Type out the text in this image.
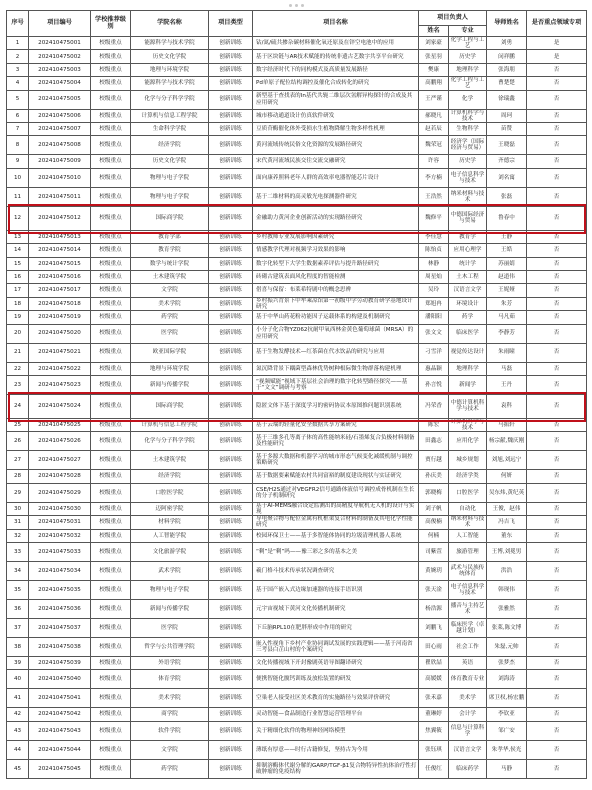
序号	项目编号	学校推荐级别	学院名称	项目类型	项目名称	项目负责人		导师姓名	是否重点领域专项
						姓名	专业		
1	202410475001	校级重点	能源科学与技术学院	创新训练	钴/氮/硫共掺杂碳材料催化氧还原及在锌空电池中的应用	刘家豪	化学工程与工艺	刘勇	是
2	202410475002	校级重点	历史文化学院	创新训练	基于区块链与AR技术赋能的传统非遗古艺数字共享平台研究	张星羽	历史学	闵祥鹏	是
3	202410475003	校级重点	地理与环境学院	创新训练	数字经济时代下的同构模式及高质量发展路径	樊康	地理科学	张海朋	否
4	202410475004	校级重点	能源科学与技术学院	创新训练	Pd单原子配位结构调控及催化合成转化的研究	高鹏翔	化学工程与工艺	曹楚楚	否
5	202410475005	校级重点	化学与分子科学学院	创新训练	新型基于查找表的In基代共轭二维层次氢解异构探针的合成及其应用研究	王严谨	化学	徐瑞鑫	否
6	202410475006	校级重点	计算机与信息工程学院	创新训练	城市移动通道设计仿真软件研发	郝晓凡	计算机科学与技术	周珂	否
7	202410475007	校级重点	生命科学学院	创新训练	豆质苷酶催化体外受损水生植物降解生物多样性机理	赵若辰	生物科学	苗赞	否
8	202410475008	校级重点	经济学院	创新训练	黄河流域传统民俗文化资源的发展路径研究	魏荣冠	经济学（国际经济与贸易）	王晓磊	否
9	202410475009	校级重点	历史文化学院	创新训练	宋代黄河流域民族交往交流交融研究	许容	历史学	齐德宗	否
10	202410475010	校级重点	物理与电子学院	创新训练	面向康养照料老年人群的高效率电器智能芯片设计	李方楠	电子信息科学与技术	刘名寓	否
11	202410475011	校级重点	物理与电子学院	创新训练	基于二维材料的高灵敏光电探测器件研究	王浩然	纳米材料与技术	张磊	否
12	202410475012	校级重点	国际商学院	创新训练	金融助力黄河企业创新活动的实现路径研究	魏修平	中德国际经济与贸易	鲁春中	否
13	202410475013	校级重点	教育学部	创新训练	乡村教师专业发展影响因素研究	李佳慧	教育学	王静	否
14	202410475014	校级重点	教育学院	创新训练	情感教学代理对视频学习效果的影响	陈怡贞	应用心理学	王皓	否
15	202410475015	校级重点	数学与统计学院	创新训练	数字化转型下大学生数据素养评估与提升路径研究	林静	统计学	苏丽婧	否
16	202410475016	校级重点	土木建筑学院	创新训练	砖砌古建筑表面风化程度的智能检测	周星灿	土木工程	赵道伟	否
17	202410475017	校级重点	文学院	创新训练	借喜与保留：布莱希特剧中的概念思辨	吴玲	汉语言文学	王妮娅	否
18	202410475018	校级重点	美术学院	创新训练	乡村振兴背景下中牟乘凉馆第一初级中学劳动教育研学基地设计研究	郑旭冉	环境设计	朱芳	否
19	202410475019	校级重点	药学院	创新训练	基于中华山药花粉功能因子运载体系的构建及机制研究	潘阳阳	药学	马凡茹	否
20	202410475020	校级重点	医学院	创新训练	小分子化合物YZ062抗耐甲氧西林金黄色葡萄球菌（MRSA）的应用研究	张文文	临床医学	李静芳	否
21	202410475021	校级重点	欧亚国际学院	创新训练	基于生物发酵技术—红茶菌在代水饮品的研究与应用	刁雪洋	视觉传达设计	朱雨瞳	否
22	202410475022	校级重点	地理与环境学院	创新训练	氮沉降背景下耦菌型森林优势树种根际微生物群落构建机理	惠晶颖	地理科学	马磊	否
23	202410475023	校级重点	新闻与传播学院	创新训练	“视频赋能”视域下基层社会治理的数字化转型路径探究——基于“文文”调研与考察	孙言悦	新闻学	王丹	否
24	202410475024	校级重点	国际商学院	创新训练	隐匿文体下基于深度学习的密码协议本原图推问题识别系统	冯荣香	中德计算机科学与技术	袁科	否
25	202410475025	校级重点	计算机与信息工程学院	创新训练	基于云端的轻量化安全数据共享方案研究	陈宏	计算机科学与技术	马振轩	否
26	202410475026	校级重点	化学与分子科学学院	创新训练	基于三维多孔等离子体的高性能纳米硅/石墨烯复合负极材料制备及性能研究	田鑫志	应用化学	杨宗献,魏庆刚	否
27	202410475027	校级重点	土木建筑学院	创新训练	基于多源大数据和机器学习的城市形态气候变化减缓机制与调控策略研究	贾行越	城乡规划	刘旭,刘远宁	否
28	202410475028	校级重点	经济学院	创新训练	基于数据要素赋能农村共同富裕的制度建设现状与实证研究	孙庆美	经济学类	何妍	否
29	202410475029	校级重点	口腔医学院	创新训练	CSE/H2S通过对VEGFR2信号通路体液信号调控成骨机制在生长的分子机制研究	郭晓梅	口腔医学	吴东炜,黄纪英	否
30	202410475030	校级重点	迈阿密学院	创新训练	基于AI-MEMS融合设定监测出的高精度导航机无人机的设计与实现	刘子帆	自动化	王俊，赵伟	否
31	202410475031	校级重点	材料学院	创新训练	导电聚合物与配位金属有机框架复合材料的制备及其电化学性能研究	高俊楠	纳米材料与技术	冯吉飞	否
32	202410475032	校级重点	人工智能学院	创新训练	校园环保卫士——基于多智能体协同的垃圾清理机器人系统	何楠	人工智能	董东	否
33	202410475033	校级重点	文化旅游学院	创新训练	“剩”是“剩”吗——豫三彩之多的基本之美	司紫萱	旅游管理	王博,刘冕男	否
34	202410475034	校级重点	武术学院	创新训练	羲门格斗技术传承状况调查研究	黄婉玥	武术与民族传统体育	洪浩	否
35	202410475035	校级重点	物理与电子学院	创新训练	基于国产嵌入式边缘加速器的连接手语识别	张天淦	电子信息科学与技术	韩现伟	否
36	202410475036	校级重点	新闻与传播学院	创新训练	元宇宙视域下黄河文化传播机制研究	杨浩源	播音与主持艺术	张雅然	否
37	202410475037	校级重点	医学院	创新训练	下丘脑RPL10在肥胖形成中作用的研究	刘鹏飞	临床医学（卓越计划）	张莱,陈文博	否
38	202410475038	校级重点	哲学与公共管理学院	创新训练	嵌入性视角下乡村产业协同调试发展的实践逻辑——基于河南省三考县白芷山村的个案研究	田心雨	社会工作	朱磊,元帅	否
39	202410475039	校级重点	外语学院	创新训练	文化传播视域下开封豫剧英语导图翻译研究	瞿欣喆	英语	张梦杰	否
40	202410475040	校级重点	体育学院	创新训练	便携智能化髋钙训练及放松装置的研发	高媛媛	体育教育专业	刘海涛	否
41	202410475041	校级重点	美术学院	创新训练	空巢老人接受社区美术教育的实施路径与效果评价研究	张禾嘉	美术学	席卫权,杨宏鹏	否
42	202410475042	校级重点	商学院	创新训练	灵动智能—食品制造行业智慧运营管理平台	董琳婷	会计学	李钦亚	否
43	202410475043	校级重点	软件学院	创新训练	关于精细化软件的物理神经网络模型	焦翼筱	信息与计算科学	邹广安	否
44	202410475044	校级重点	文学院	创新训练	薄纸有厚意——时行古籍修复，坚持古为今用	张钰琪	汉语言文学	朱孝华,侯光	否
45	202410475045	校级重点	药学院	创新训练	抑制溶酶体代谢分解的GARP/TGF-β1复合物特异性抗体治疗性打破肿瘤的免疫结构	任俊红	临床药学	马静	否
